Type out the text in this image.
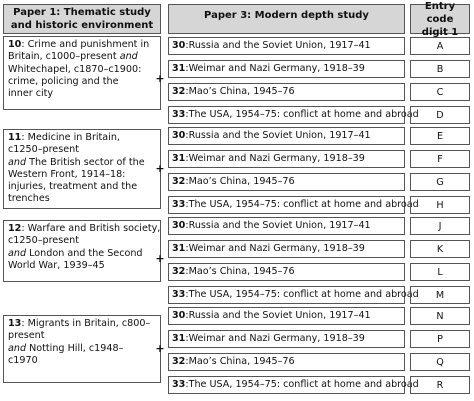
Paper 1: Thematic study
and historic environment
Paper 3: Modern depth study
Entry code
digit 1
10: Crime and punishment in
Britain, c1000–present and
Whitechapel, c1870–c1900:
crime, policing and the
inner city
+
30 : Russia and the Soviet Union, 1917–41	A
31 : Weimar and Nazi Germany, 1918–39	B
32 : Mao’s China, 1945–76	C
33 : The USA, 1954–75: conflict at home and abroad	D
11: Medicine in Britain,
c1250–present
and The British sector of the
Western Front, 1914–18:
injuries, treatment and the
trenches
+
30 : Russia and the Soviet Union, 1917–41	E
31 : Weimar and Nazi Germany, 1918–39	F
32 : Mao’s China, 1945–76	G
33 : The USA, 1954–75: conflict at home and abroad	H
12: Warfare and British society,
c1250–present
and London and the Second
World War, 1939–45
+
30 : Russia and the Soviet Union, 1917–41	J
31 : Weimar and Nazi Germany, 1918–39	K
32 : Mao’s China, 1945–76	L
33 : The USA, 1954–75: conflict at home and abroad	M
13: Migrants in Britain, c800–
present
and Notting Hill, c1948–
c1970
+
30 : Russia and the Soviet Union, 1917–41	N
31 : Weimar and Nazi Germany, 1918–39	P
32 : Mao’s China, 1945–76	Q
33 : The USA, 1954–75: conflict at home and abroad	R
